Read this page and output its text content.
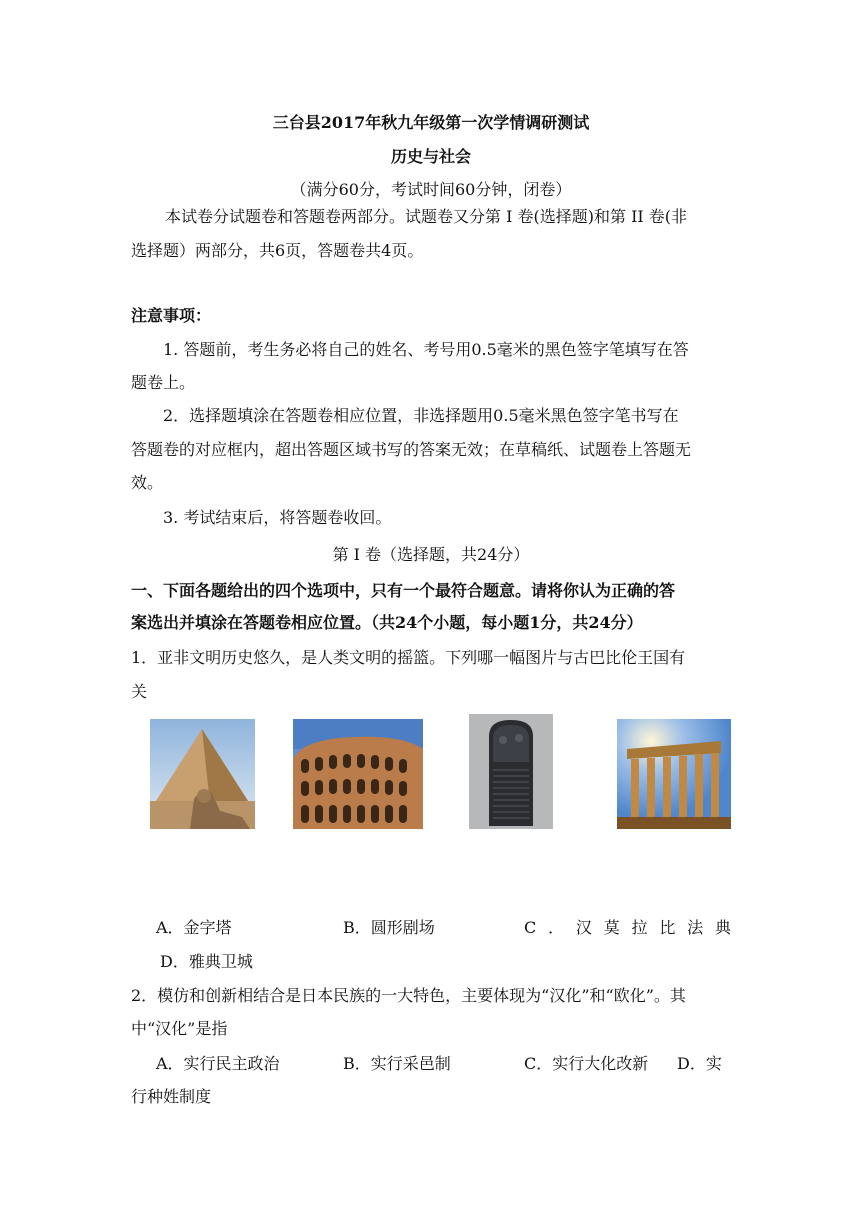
三台县2017年秋九年级第一次学情调研测试
历史与社会
（满分60分，考试时间60分钟，闭卷）
本试卷分试题卷和答题卷两部分。试题卷又分第 I 卷(选择题)和第 II 卷(非
选择题）两部分，共6页，答题卷共4页。
注意事项：
1. 答题前，考生务必将自己的姓名、考号用0.5毫米的黑色签字笔填写在答
题卷上。
2．选择题填涂在答题卷相应位置，非选择题用0.5毫米黑色签字笔书写在
答题卷的对应框内，超出答题区域书写的答案无效；在草稿纸、试题卷上答题无
效。
3. 考试结束后，将答题卷收回。
第 I 卷（选择题，共24分）
一、下面各题给出的四个选项中，只有一个最符合题意。请将你认为正确的答
案选出并填涂在答题卷相应位置。（共24个小题，每小题1分，共24分）
1．亚非文明历史悠久，是人类文明的摇篮。下列哪一幅图片与古巴比伦王国有
关
A．金字塔	B．圆形剧场	C．汉莫拉比法典
D．雅典卫城
2．模仿和创新相结合是日本民族的一大特色，主要体现为“汉化”和“欧化”。其
中“汉化”是指
A．实行民主政治	B．实行采邑制	C．实行大化改新 D．实
行种姓制度
